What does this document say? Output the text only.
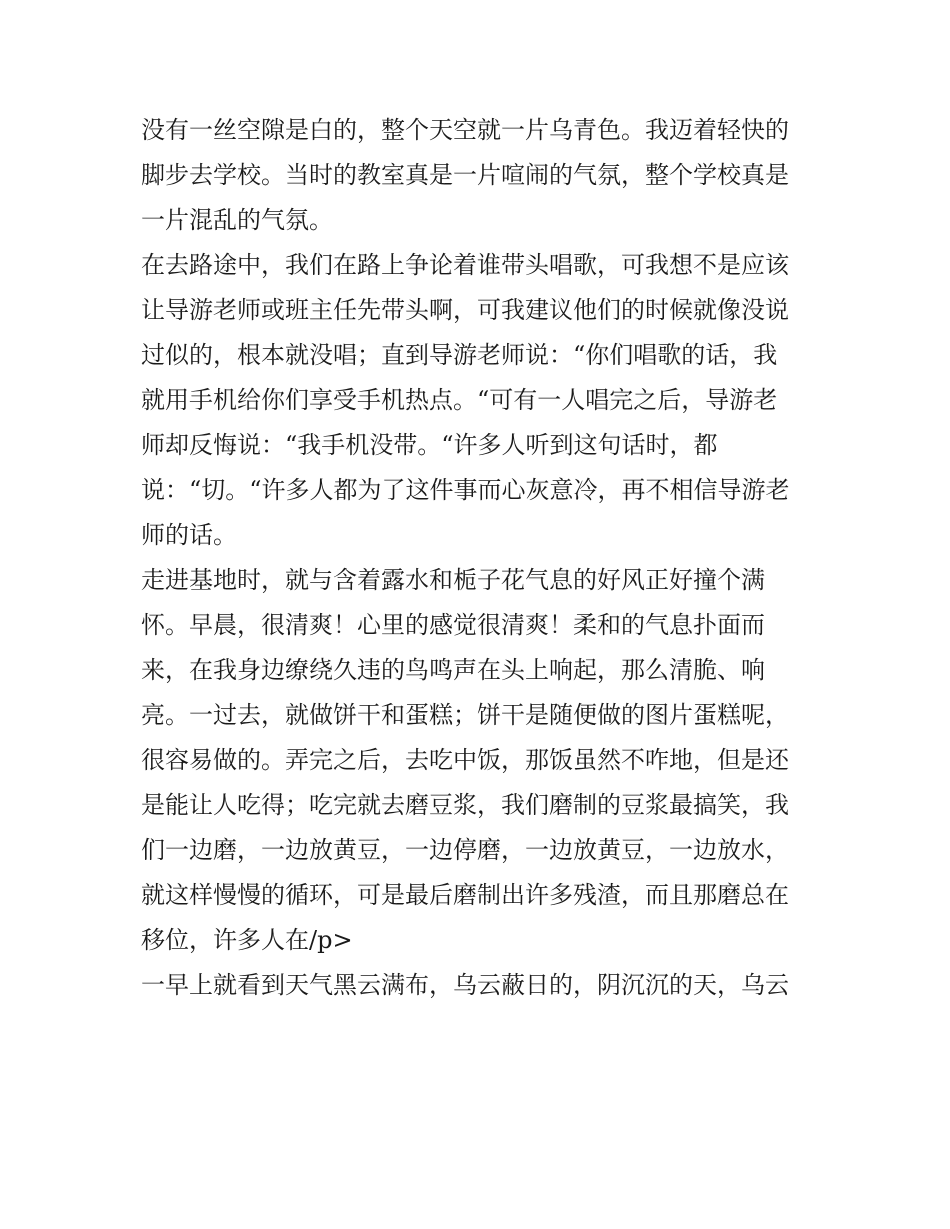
没有一丝空隙是白的，整个天空就一片乌青色。我迈着轻快的
脚步去学校。当时的教室真是一片喧闹的气氛，整个学校真是
一片混乱的气氛。
在去路途中，我们在路上争论着谁带头唱歌，可我想不是应该
让导游老师或班主任先带头啊，可我建议他们的时候就像没说
过似的，根本就没唱；直到导游老师说：“你们唱歌的话，我
就用手机给你们享受手机热点。“可有一人唱完之后，导游老
师却反悔说：“我手机没带。“许多人听到这句话时，都
说：“切。“许多人都为了这件事而心灰意冷，再不相信导游老
师的话。
走进基地时，就与含着露水和栀子花气息的好风正好撞个满
怀。早晨，很清爽！心里的感觉很清爽！柔和的气息扑面而
来，在我身边缭绕久违的鸟鸣声在头上响起，那么清脆、响
亮。一过去，就做饼干和蛋糕；饼干是随便做的图片蛋糕呢，
很容易做的。弄完之后，去吃中饭，那饭虽然不咋地，但是还
是能让人吃得；吃完就去磨豆浆，我们磨制的豆浆最搞笑，我
们一边磨，一边放黄豆，一边停磨，一边放黄豆，一边放水，
就这样慢慢的循环，可是最后磨制出许多残渣，而且那磨总在
移位，许多人在/p>
一早上就看到天气黑云满布，乌云蔽日的，阴沉沉的天，乌云
